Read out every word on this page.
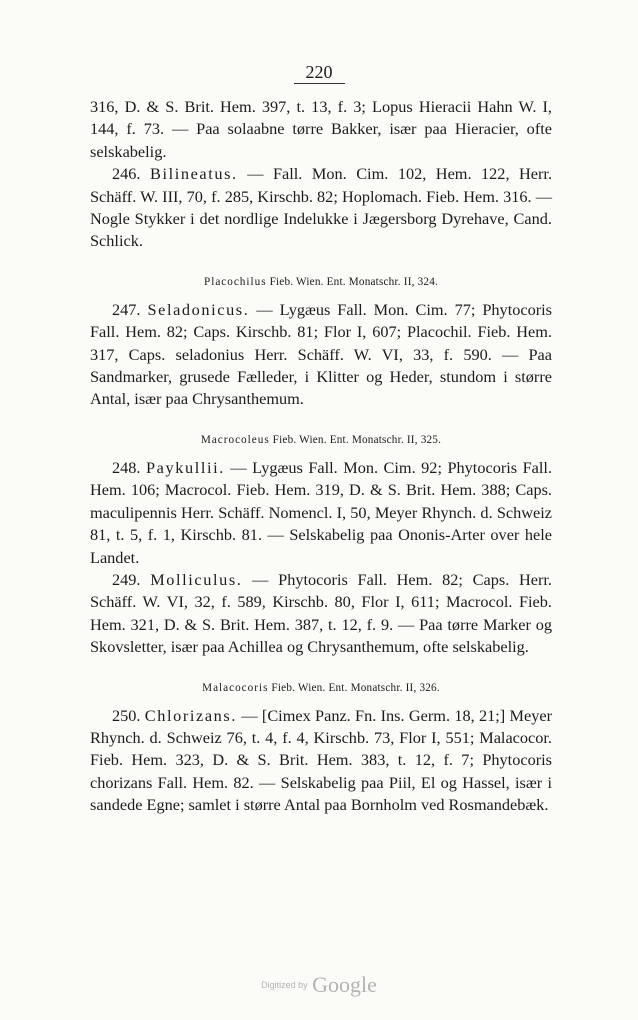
220

316, D. & S. Brit. Hem. 397, t. 13, f. 3; Lopus Hieracii Hahn W. I, 144, f. 73. — Paa solaabne tørre Bakker, især paa Hieracier, ofte selskabelig.

246. Bilineatus. — Fall. Mon. Cim. 102, Hem. 122, Herr. Schäff. W. III, 70, f. 285, Kirschb. 82; Hoplomach. Fieb. Hem. 316. — Nogle Stykker i det nordlige Indelukke i Jægersborg Dyrehave, Cand. Schlick.

Placochilus Fieb. Wien. Ent. Monatschr. II, 324.

247. Seladonicus. — Lygæus Fall. Mon. Cim. 77; Phytocoris Fall. Hem. 82; Caps. Kirschb. 81; Flor I, 607; Placochil. Fieb. Hem. 317, Caps. seladonius Herr. Schäff. W. VI, 33, f. 590. — Paa Sandmarker, grusede Fælleder, i Klitter og Heder, stundom i større Antal, især paa Chrysanthemum.

Macrocoleus Fieb. Wien. Ent. Monatschr. II, 325.

248. Paykullii. — Lygæus Fall. Mon. Cim. 92; Phytocoris Fall. Hem. 106; Macrocol. Fieb. Hem. 319, D. & S. Brit. Hem. 388; Caps. maculipennis Herr. Schäff. Nomencl. I, 50, Meyer Rhynch. d. Schweiz 81, t. 5, f. 1, Kirschb. 81. — Selskabelig paa Ononis-Arter over hele Landet.

249. Molliculus. — Phytocoris Fall. Hem. 82; Caps. Herr. Schäff. W. VI, 32, f. 589, Kirschb. 80, Flor I, 611; Macrocol. Fieb. Hem. 321, D. & S. Brit. Hem. 387, t. 12, f. 9. — Paa tørre Marker og Skovsletter, især paa Achillea og Chrysanthemum, ofte selskabelig.

Malacocoris Fieb. Wien. Ent. Monatschr. II, 326.

250. Chlorizans. — [Cimex Panz. Fn. Ins. Germ. 18, 21;] Meyer Rhynch. d. Schweiz 76, t. 4, f. 4, Kirschb. 73, Flor I, 551; Malacocor. Fieb. Hem. 323, D. & S. Brit. Hem. 383, t. 12, f. 7; Phytocoris chorizans Fall. Hem. 82. — Selskabelig paa Piil, El og Hassel, især i sandede Egne; samlet i større Antal paa Bornholm ved Rosmandebæk.

Digitized by Google
